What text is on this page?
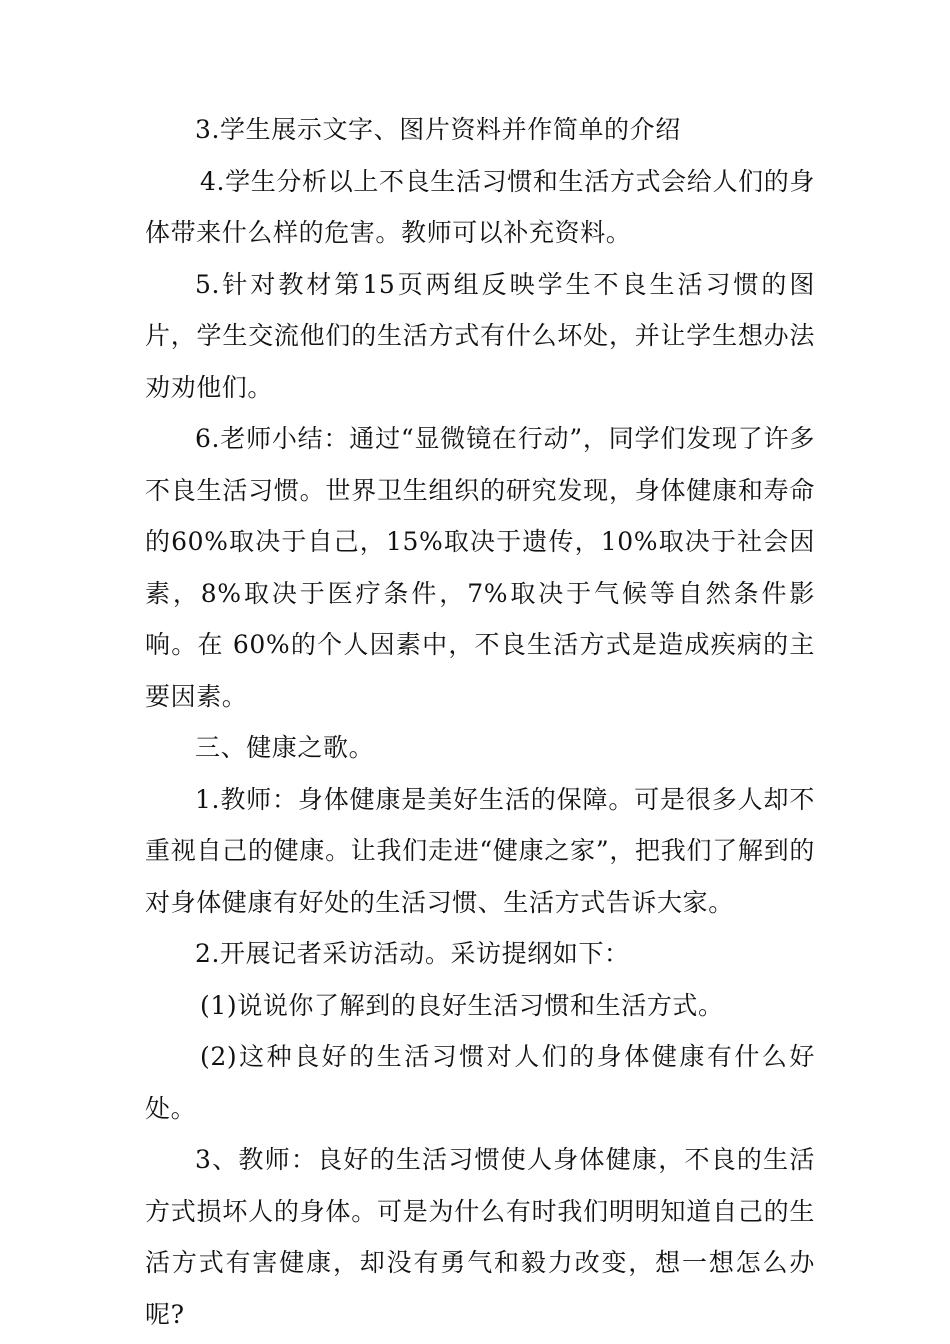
3.学生展示文字、图片资料并作简单的介绍

4.学生分析以上不良生活习惯和生活方式会给人们的身体带来什么样的危害。教师可以补充资料。

5.针对教材第15页两组反映学生不良生活习惯的图片，学生交流他们的生活方式有什么坏处，并让学生想办法劝劝他们。

6.老师小结：通过“显微镜在行动”，同学们发现了许多不良生活习惯。世界卫生组织的研究发现，身体健康和寿命的60%取决于自己，15%取决于遗传，10%取决于社会因素，8%取决于医疗条件，7%取决于气候等自然条件影响。在 60%的个人因素中，不良生活方式是造成疾病的主要因素。

三、健康之歌。

1.教师：身体健康是美好生活的保障。可是很多人却不重视自己的健康。让我们走进“健康之家”，把我们了解到的对身体健康有好处的生活习惯、生活方式告诉大家。

2.开展记者采访活动。采访提纲如下：

(1)说说你了解到的良好生活习惯和生活方式。

(2)这种良好的生活习惯对人们的身体健康有什么好处。

3、教师：良好的生活习惯使人身体健康，不良的生活方式损坏人的身体。可是为什么有时我们明明知道自己的生活方式有害健康，却没有勇气和毅力改变，想一想怎么办呢?
